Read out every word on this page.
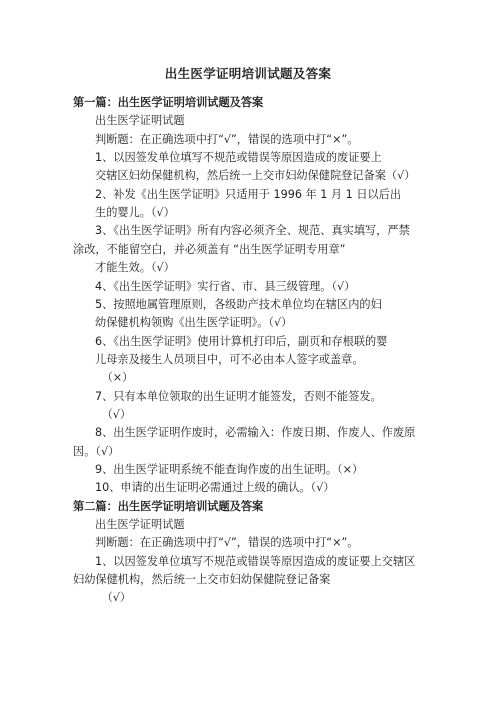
出生医学证明培训试题及答案
第一篇：出生医学证明培训试题及答案
出生医学证明试题
判断题：在正确选项中打“√”，错误的选项中打“×”。
1、以因签发单位填写不规范或错误等原因造成的废证要上
交辖区妇幼保健机构，然后统一上交市妇幼保健院登记备案（√）
2、补发《出生医学证明》只适用于 1996 年 1 月 1 日以后出
生的婴儿。（√）
3、《出生医学证明》所有内容必须齐全、规范、真实填写，严禁
涂改，不能留空白，并必须盖有 “出生医学证明专用章”
才能生效。（√）
4、《出生医学证明》实行省、市、县三级管理。（√）
5、按照地属管理原则，各级助产技术单位均在辖区内的妇
幼保健机构领购《出生医学证明》。（√）
6、《出生医学证明》使用计算机打印后，副页和存根联的婴
儿母亲及接生人员项目中，可不必由本人签字或盖章。
（×）
7、只有本单位领取的出生证明才能签发，否则不能签发。
（√）
8、出生医学证明作废时，必需输入：作废日期、作废人、作废原
因。（√）
9、出生医学证明系统不能查询作废的出生证明。（×）
10、申请的出生证明必需通过上级的确认。（√）
第二篇：出生医学证明培训试题及答案
出生医学证明试题
判断题：在正确选项中打“√”，错误的选项中打“×”。
1、以因签发单位填写不规范或错误等原因造成的废证要上交辖区
妇幼保健机构，然后统一上交市妇幼保健院登记备案
（√）
